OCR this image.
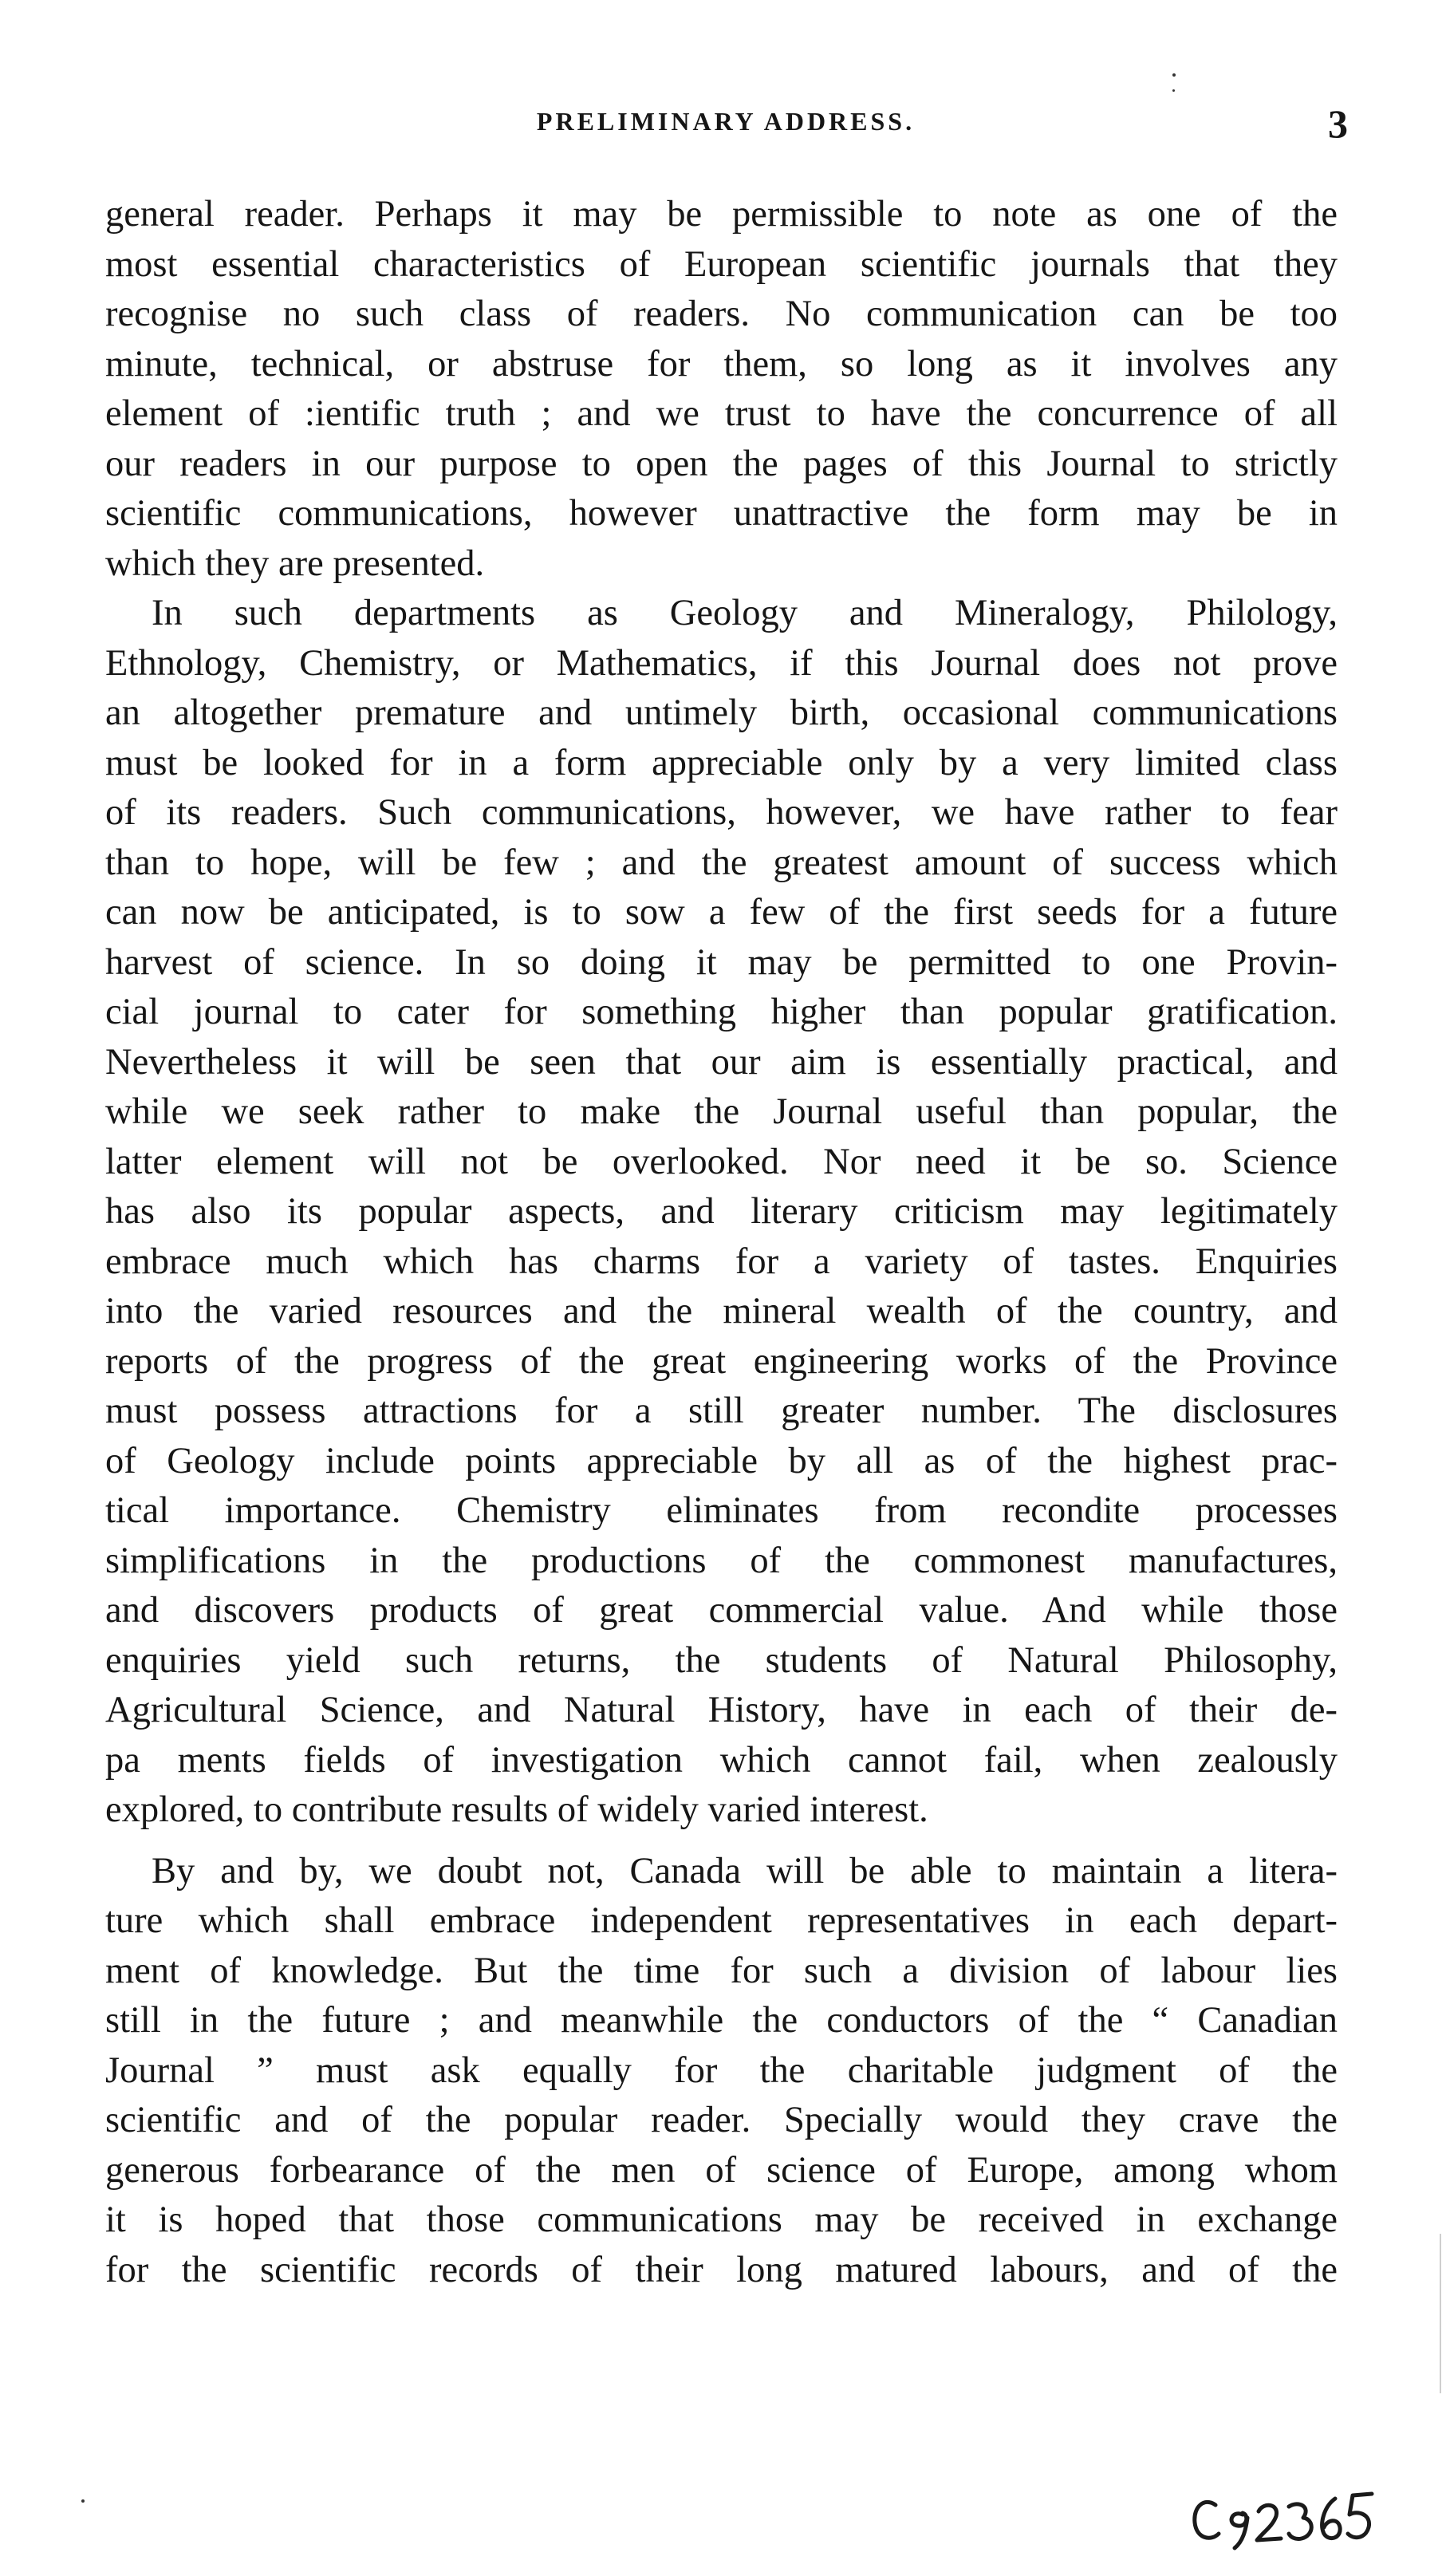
PRELIMINARY ADDRESS.	3
general reader. Perhaps it may be permissible to note as one of the
most essential characteristics of European scientific journals that they
recognise no such class of readers. No communication can be too
minute, technical, or abstruse for them, so long as it involves any
element of :ientific truth ; and we trust to have the concurrence of all
our readers in our purpose to open the pages of this Journal to strictly
scientific communications, however unattractive the form may be in
which they are presented.
In such departments as Geology and Mineralogy, Philology,
Ethnology, Chemistry, or Mathematics, if this Journal does not prove
an altogether premature and untimely birth, occasional communications
must be looked for in a form appreciable only by a very limited class
of its readers. Such communications, however, we have rather to fear
than to hope, will be few ; and the greatest amount of success which
can now be anticipated, is to sow a few of the first seeds for a future
harvest of science. In so doing it may be permitted to one Provin-
cial journal to cater for something higher than popular gratification.
Nevertheless it will be seen that our aim is essentially practical, and
while we seek rather to make the Journal useful than popular, the
latter element will not be overlooked. Nor need it be so. Science
has also its popular aspects, and literary criticism may legitimately
embrace much which has charms for a variety of tastes. Enquiries
into the varied resources and the mineral wealth of the country, and
reports of the progress of the great engineering works of the Province
must possess attractions for a still greater number. The disclosures
of Geology include points appreciable by all as of the highest prac-
tical importance. Chemistry eliminates from recondite processes
simplifications in the productions of the commonest manufactures,
and discovers products of great commercial value. And while those
enquiries yield such returns, the students of Natural Philosophy,
Agricultural Science, and Natural History, have in each of their de-
pa ments fields of investigation which cannot fail, when zealously
explored, to contribute results of widely varied interest.
By and by, we doubt not, Canada will be able to maintain a litera-
ture which shall embrace independent representatives in each depart-
ment of knowledge. But the time for such a division of labour lies
still in the future ; and meanwhile the conductors of the “ Canadian
Journal ” must ask equally for the charitable judgment of the
scientific and of the popular reader. Specially would they crave the
generous forbearance of the men of science of Europe, among whom
it is hoped that those communications may be received in exchange
for the scientific records of their long matured labours, and of the
